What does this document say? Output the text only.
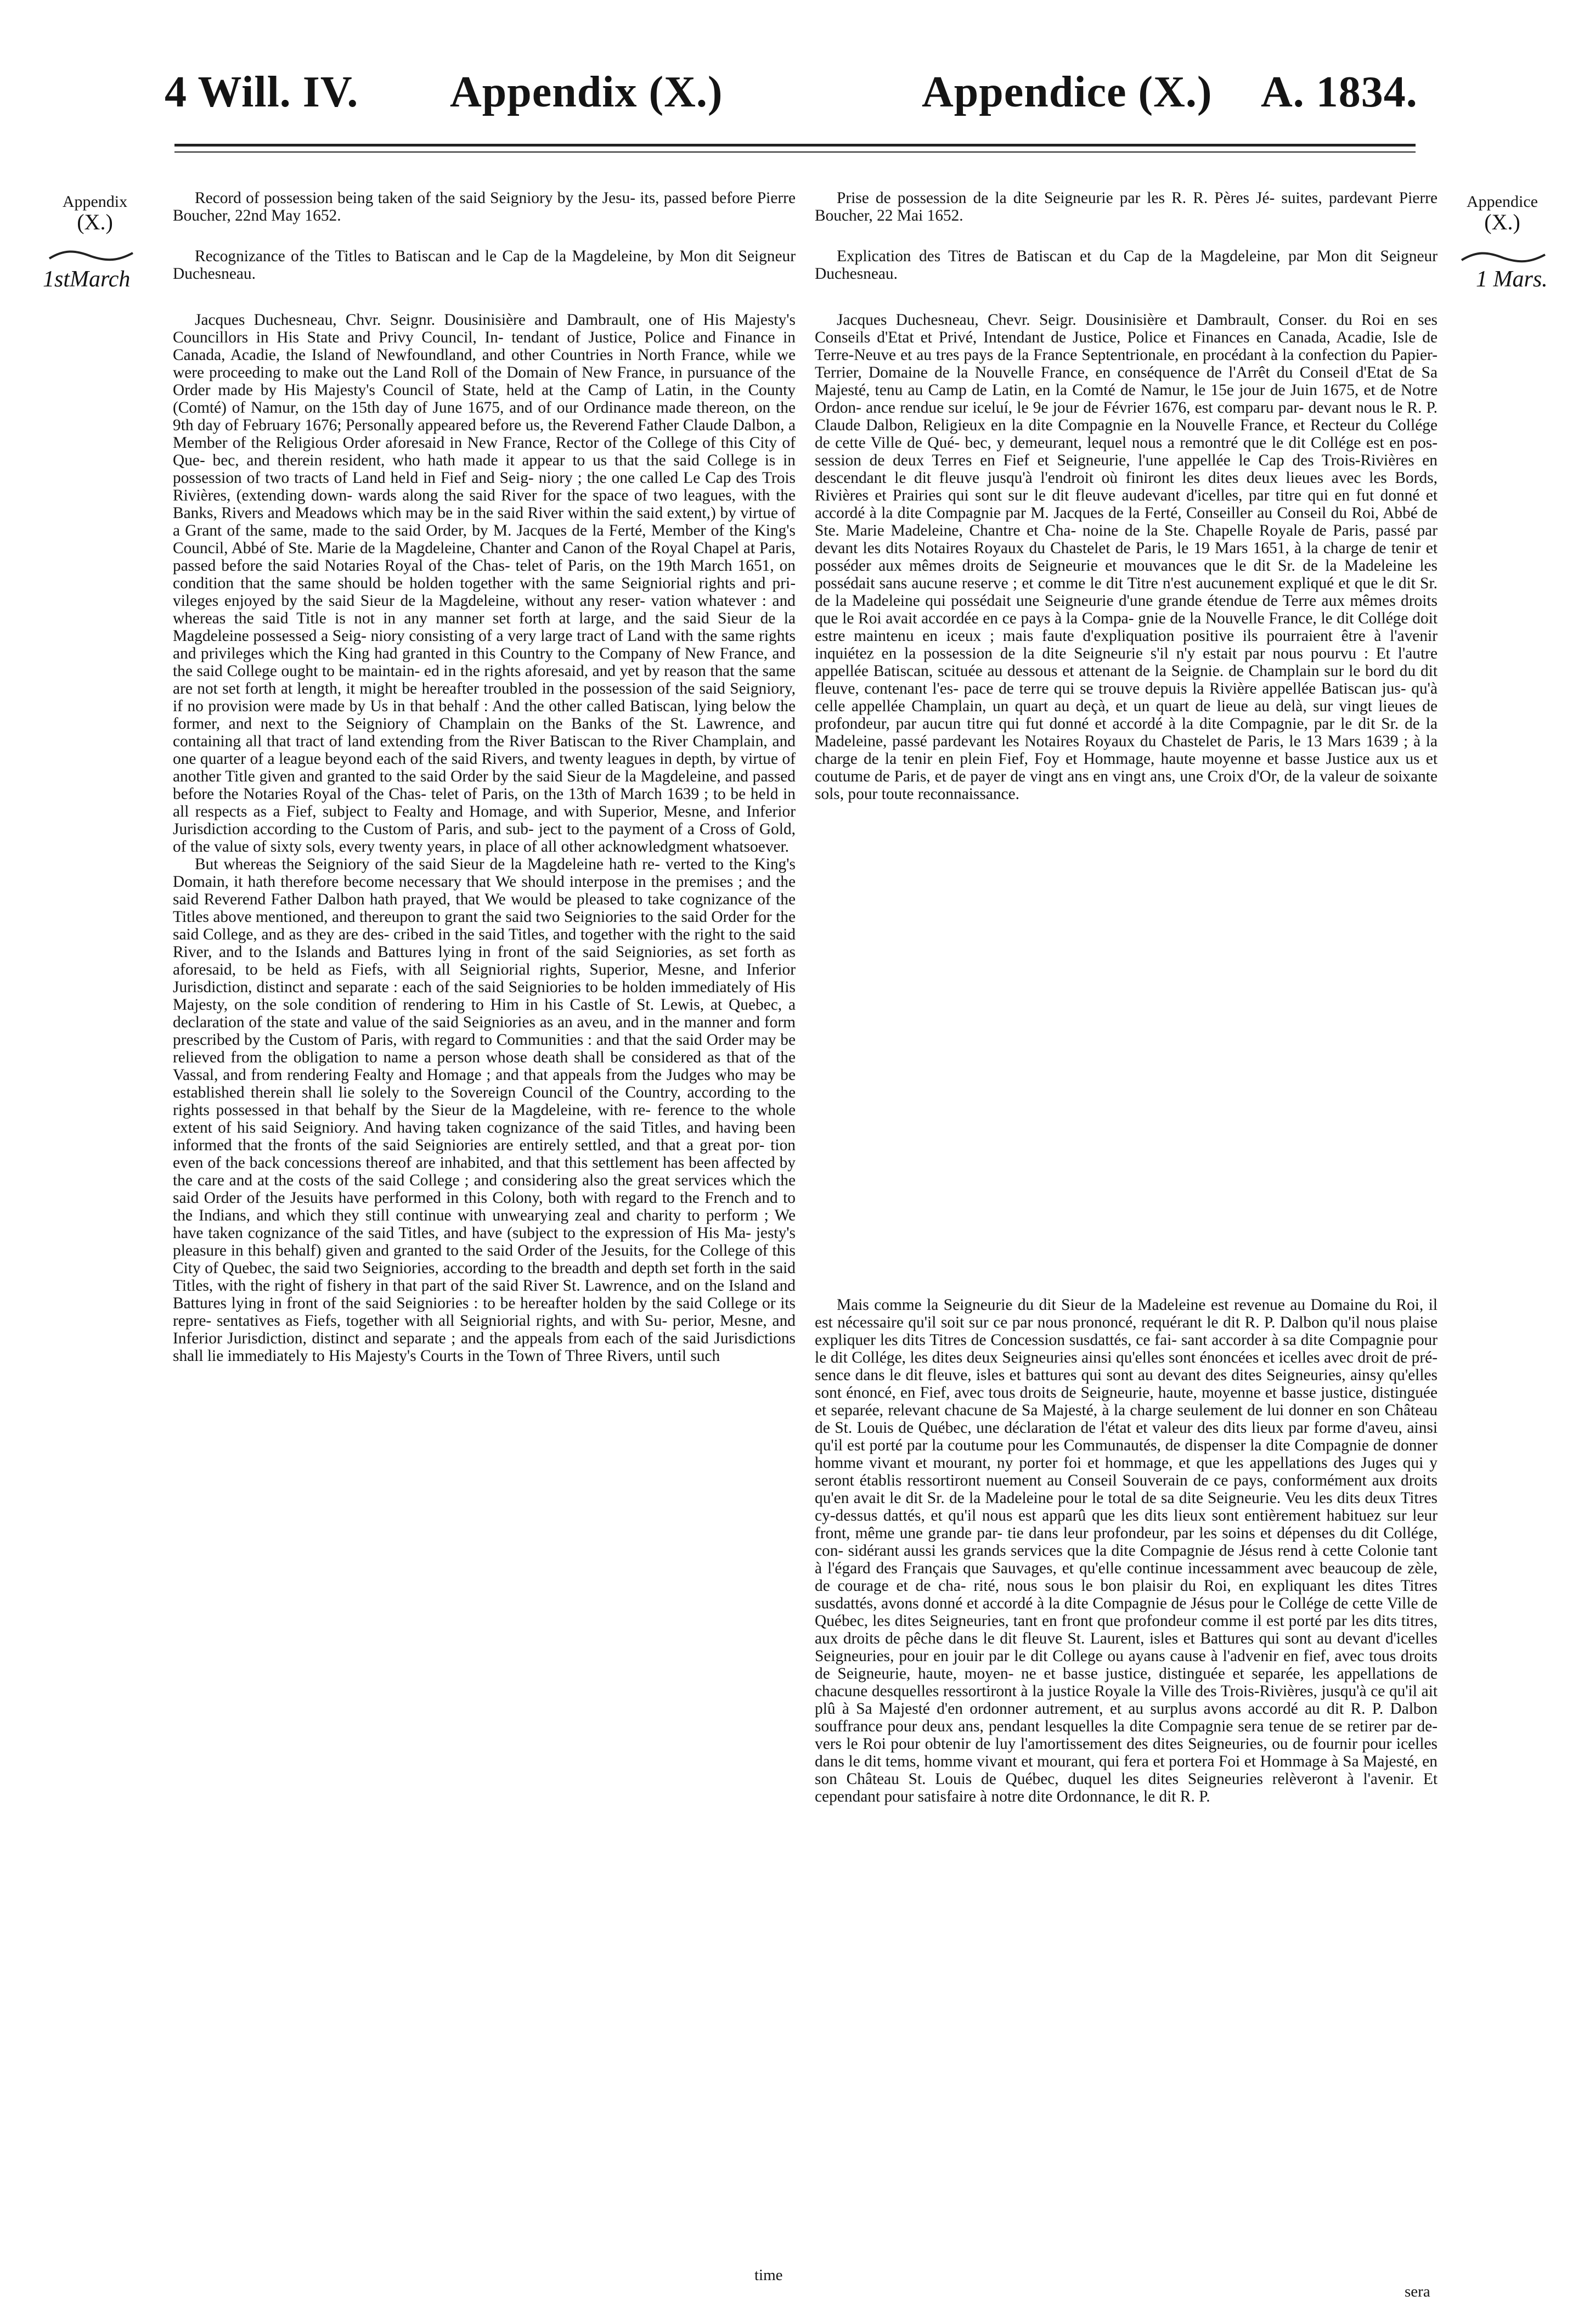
4 Will. IV. Appendix (X.)	Appendice (X.) A. 1834.
Appendix
(X.)
1stMarch
Appendice
(X.)
1 Mars.

Record of possession being taken of the said Seigniory by the Jesu- its, passed before Pierre Boucher, 22nd May 1652.

Recognizance of the Titles to Batiscan and le Cap de la Magdeleine, by Mon dit Seigneur Duchesneau.

Jacques Duchesneau, Chvr. Seignr. Dousinisière and Dambrault, one of His Majesty's Councillors in His State and Privy Council, In- tendant of Justice, Police and Finance in Canada, Acadie, the Island of Newfoundland, and other Countries in North France, while we were proceeding to make out the Land Roll of the Domain of New France, in pursuance of the Order made by His Majesty's Council of State, held at the Camp of Latin, in the County (Comté) of Namur, on the 15th day of June 1675, and of our Ordinance made thereon, on the 9th day of February 1676; Personally appeared before us, the Reverend Father Claude Dalbon, a Member of the Religious Order aforesaid in New France, Rector of the College of this City of Que- bec, and therein resident, who hath made it appear to us that the said College is in possession of two tracts of Land held in Fief and Seig- niory ; the one called Le Cap des Trois Rivières, (extending down- wards along the said River for the space of two leagues, with the Banks, Rivers and Meadows which may be in the said River within the said extent,) by virtue of a Grant of the same, made to the said Order, by M. Jacques de la Ferté, Member of the King's Council, Abbé of Ste. Marie de la Magdeleine, Chanter and Canon of the Royal Chapel at Paris, passed before the said Notaries Royal of the Chas- telet of Paris, on the 19th March 1651, on condition that the same should be holden together with the same Seigniorial rights and pri- vileges enjoyed by the said Sieur de la Magdeleine, without any reser- vation whatever : and whereas the said Title is not in any manner set forth at large, and the said Sieur de la Magdeleine possessed a Seig- niory consisting of a very large tract of Land with the same rights and privileges which the King had granted in this Country to the Company of New France, and the said College ought to be maintain- ed in the rights aforesaid, and yet by reason that the same are not set forth at length, it might be hereafter troubled in the possession of the said Seigniory, if no provision were made by Us in that behalf : And the other called Batiscan, lying below the former, and next to the Seigniory of Champlain on the Banks of the St. Lawrence, and containing all that tract of land extending from the River Batiscan to the River Champlain, and one quarter of a league beyond each of the said Rivers, and twenty leagues in depth, by virtue of another Title given and granted to the said Order by the said Sieur de la Magdeleine, and passed before the Notaries Royal of the Chas- telet of Paris, on the 13th of March 1639 ; to be held in all respects as a Fief, subject to Fealty and Homage, and with Superior, Mesne, and Inferior Jurisdiction according to the Custom of Paris, and sub- ject to the payment of a Cross of Gold, of the value of sixty sols, every twenty years, in place of all other acknowledgment whatsoever.

But whereas the Seigniory of the said Sieur de la Magdeleine hath re- verted to the King's Domain, it hath therefore become necessary that We should interpose in the premises ; and the said Reverend Father Dalbon hath prayed, that We would be pleased to take cognizance of the Titles above mentioned, and thereupon to grant the said two Seigniories to the said Order for the said College, and as they are des- cribed in the said Titles, and together with the right to the said River, and to the Islands and Battures lying in front of the said Seigniories, as set forth as aforesaid, to be held as Fiefs, with all Seigniorial rights, Superior, Mesne, and Inferior Jurisdiction, distinct and separate : each of the said Seigniories to be holden immediately of His Majesty, on the sole condition of rendering to Him in his Castle of St. Lewis, at Quebec, a declaration of the state and value of the said Seigniories as an aveu, and in the manner and form prescribed by the Custom of Paris, with regard to Communities : and that the said Order may be relieved from the obligation to name a person whose death shall be considered as that of the Vassal, and from rendering Fealty and Homage ; and that appeals from the Judges who may be established therein shall lie solely to the Sovereign Council of the Country, according to the rights possessed in that behalf by the Sieur de la Magdeleine, with re- ference to the whole extent of his said Seigniory. And having taken cognizance of the said Titles, and having been informed that the fronts of the said Seigniories are entirely settled, and that a great por- tion even of the back concessions thereof are inhabited, and that this settlement has been affected by the care and at the costs of the said College ; and considering also the great services which the said Order of the Jesuits have performed in this Colony, both with regard to the French and to the Indians, and which they still continue with unwearying zeal and charity to perform ; We have taken cognizance of the said Titles, and have (subject to the expression of His Ma- jesty's pleasure in this behalf) given and granted to the said Order of the Jesuits, for the College of this City of Quebec, the said two Seigniories, according to the breadth and depth set forth in the said Titles, with the right of fishery in that part of the said River St. Lawrence, and on the Island and Battures lying in front of the said Seigniories : to be hereafter holden by the said College or its repre- sentatives as Fiefs, together with all Seigniorial rights, and with Su- perior, Mesne, and Inferior Jurisdiction, distinct and separate ; and the appeals from each of the said Jurisdictions shall lie immediately to His Majesty's Courts in the Town of Three Rivers, until such

time

Prise de possession de la dite Seigneurie par les R. R. Pères Jé- suites, pardevant Pierre Boucher, 22 Mai 1652.

Explication des Titres de Batiscan et du Cap de la Magdeleine, par Mon dit Seigneur Duchesneau.

Jacques Duchesneau, Chevr. Seigr. Dousinisière et Dambrault, Conser. du Roi en ses Conseils d'Etat et Privé, Intendant de Justice, Police et Finances en Canada, Acadie, Isle de Terre-Neuve et au tres pays de la France Septentrionale, en procédant à la confection du Papier-Terrier, Domaine de la Nouvelle France, en conséquence de l'Arrêt du Conseil d'Etat de Sa Majesté, tenu au Camp de Latin, en la Comté de Namur, le 15e jour de Juin 1675, et de Notre Ordon- ance rendue sur iceluí, le 9e jour de Février 1676, est comparu par- devant nous le R. P. Claude Dalbon, Religieux en la dite Compagnie en la Nouvelle France, et Recteur du Collége de cette Ville de Qué- bec, y demeurant, lequel nous a remontré que le dit Collége est en pos- session de deux Terres en Fief et Seigneurie, l'une appellée le Cap des Trois-Rivières en descendant le dit fleuve jusqu'à l'endroit où finiront les dites deux lieues avec les Bords, Rivières et Prairies qui sont sur le dit fleuve audevant d'icelles, par titre qui en fut donné et accordé à la dite Compagnie par M. Jacques de la Ferté, Conseiller au Conseil du Roi, Abbé de Ste. Marie Madeleine, Chantre et Cha- noine de la Ste. Chapelle Royale de Paris, passé par devant les dits Notaires Royaux du Chastelet de Paris, le 19 Mars 1651, à la charge de tenir et posséder aux mêmes droits de Seigneurie et mouvances que le dit Sr. de la Madeleine les possédait sans aucune reserve ; et comme le dit Titre n'est aucunement expliqué et que le dit Sr. de la Madeleine qui possédait une Seigneurie d'une grande étendue de Terre aux mêmes droits que le Roi avait accordée en ce pays à la Compa- gnie de la Nouvelle France, le dit Collége doit estre maintenu en iceux ; mais faute d'expliquation positive ils pourraient être à l'avenir inquiétez en la possession de la dite Seigneurie s'il n'y estait par nous pourvu : Et l'autre appellée Batiscan, scituée au dessous et attenant de la Seignie. de Champlain sur le bord du dit fleuve, contenant l'es- pace de terre qui se trouve depuis la Rivière appellée Batiscan jus- qu'à celle appellée Champlain, un quart au deçà, et un quart de lieue au delà, sur vingt lieues de profondeur, par aucun titre qui fut donné et accordé à la dite Compagnie, par le dit Sr. de la Madeleine, passé pardevant les Notaires Royaux du Chastelet de Paris, le 13 Mars 1639 ; à la charge de la tenir en plein Fief, Foy et Hommage, haute moyenne et basse Justice aux us et coutume de Paris, et de payer de vingt ans en vingt ans, une Croix d'Or, de la valeur de soixante sols, pour toute reconnaissance.

Mais comme la Seigneurie du dit Sieur de la Madeleine est revenue au Domaine du Roi, il est nécessaire qu'il soit sur ce par nous prononcé, requérant le dit R. P. Dalbon qu'il nous plaise expliquer les dits Titres de Concession susdattés, ce fai- sant accorder à sa dite Compagnie pour le dit Collége, les dites deux Seigneuries ainsi qu'elles sont énoncées et icelles avec droit de pré- sence dans le dit fleuve, isles et battures qui sont au devant des dites Seigneuries, ainsy qu'elles sont énoncé, en Fief, avec tous droits de Seigneurie, haute, moyenne et basse justice, distinguée et separée, relevant chacune de Sa Majesté, à la charge seulement de lui donner en son Château de St. Louis de Québec, une déclaration de l'état et valeur des dits lieux par forme d'aveu, ainsi qu'il est porté par la coutume pour les Communautés, de dispenser la dite Compagnie de donner homme vivant et mourant, ny porter foi et hommage, et que les appellations des Juges qui y seront établis ressortiront nuement au Conseil Souverain de ce pays, conformément aux droits qu'en avait le dit Sr. de la Madeleine pour le total de sa dite Seigneurie. Veu les dits deux Titres cy-dessus dattés, et qu'il nous est apparû que les dits lieux sont entièrement habituez sur leur front, même une grande par- tie dans leur profondeur, par les soins et dépenses du dit Collége, con- sidérant aussi les grands services que la dite Compagnie de Jésus rend à cette Colonie tant à l'égard des Français que Sauvages, et qu'elle continue incessamment avec beaucoup de zèle, de courage et de cha- rité, nous sous le bon plaisir du Roi, en expliquant les dites Titres susdattés, avons donné et accordé à la dite Compagnie de Jésus pour le Collége de cette Ville de Québec, les dites Seigneuries, tant en front que profondeur comme il est porté par les dits titres, aux droits de pêche dans le dit fleuve St. Laurent, isles et Battures qui sont au devant d'icelles Seigneuries, pour en jouir par le dit College ou ayans cause à l'advenir en fief, avec tous droits de Seigneurie, haute, moyen- ne et basse justice, distinguée et separée, les appellations de chacune desquelles ressortiront à la justice Royale la Ville des Trois-Rivières, jusqu'à ce qu'il ait plû à Sa Majesté d'en ordonner autrement, et au surplus avons accordé au dit R. P. Dalbon souffrance pour deux ans, pendant lesquelles la dite Compagnie sera tenue de se retirer par de- vers le Roi pour obtenir de luy l'amortissement des dites Seigneuries, ou de fournir pour icelles dans le dit tems, homme vivant et mourant, qui fera et portera Foi et Hommage à Sa Majesté, en son Château St. Louis de Québec, duquel les dites Seigneuries relèveront à l'avenir. Et cependant pour satisfaire à notre dite Ordonnance, le dit R. P.

sera
